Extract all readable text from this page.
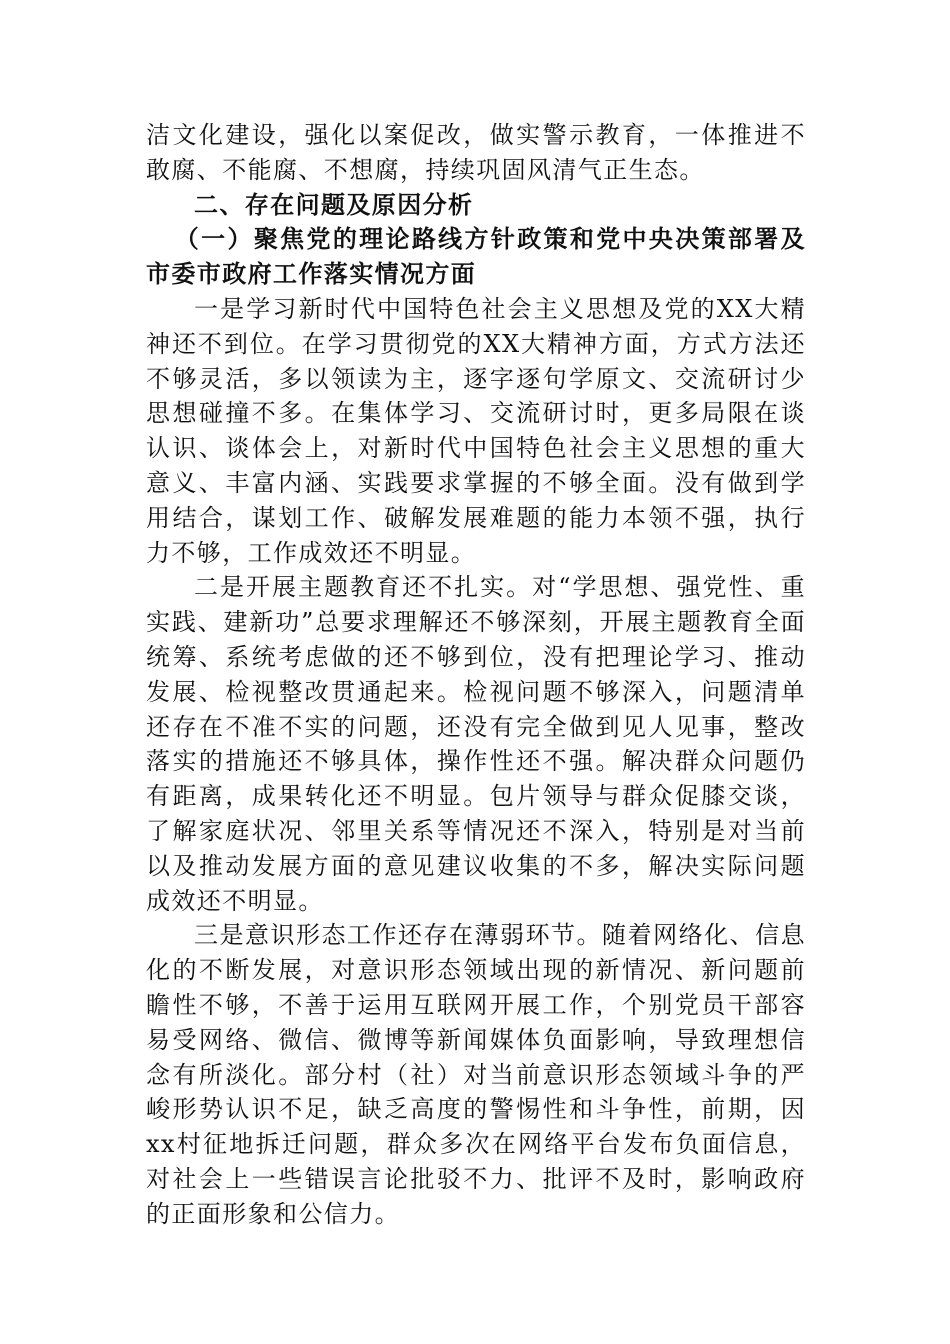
洁文化建设，强化以案促改，做实警示教育，一体推进不敢腐、不能腐、不想腐，持续巩固风清气正生态。

二、存在问题及原因分析

（一）聚焦党的理论路线方针政策和党中央决策部署及市委市政府工作落实情况方面

一是学习新时代中国特色社会主义思想及党的XX大精神还不到位。在学习贯彻党的XX大精神方面，方式方法还不够灵活，多以领读为主，逐字逐句学原文、交流研讨少思想碰撞不多。在集体学习、交流研讨时，更多局限在谈认识、谈体会上，对新时代中国特色社会主义思想的重大意义、丰富内涵、实践要求掌握的不够全面。没有做到学用结合，谋划工作、破解发展难题的能力本领不强，执行力不够，工作成效还不明显。

二是开展主题教育还不扎实。对“学思想、强党性、重实践、建新功”总要求理解还不够深刻，开展主题教育全面统筹、系统考虑做的还不够到位，没有把理论学习、推动发展、检视整改贯通起来。检视问题不够深入，问题清单还存在不准不实的问题，还没有完全做到见人见事，整改落实的措施还不够具体，操作性还不强。解决群众问题仍有距离，成果转化还不明显。包片领导与群众促膝交谈，了解家庭状况、邻里关系等情况还不深入，特别是对当前以及推动发展方面的意见建议收集的不多，解决实际问题成效还不明显。

三是意识形态工作还存在薄弱环节。随着网络化、信息化的不断发展，对意识形态领域出现的新情况、新问题前瞻性不够，不善于运用互联网开展工作，个别党员干部容易受网络、微信、微博等新闻媒体负面影响，导致理想信念有所淡化。部分村（社）对当前意识形态领域斗争的严峻形势认识不足，缺乏高度的警惕性和斗争性，前期，因xx村征地拆迁问题，群众多次在网络平台发布负面信息，对社会上一些错误言论批驳不力、批评不及时，影响政府的正面形象和公信力。
